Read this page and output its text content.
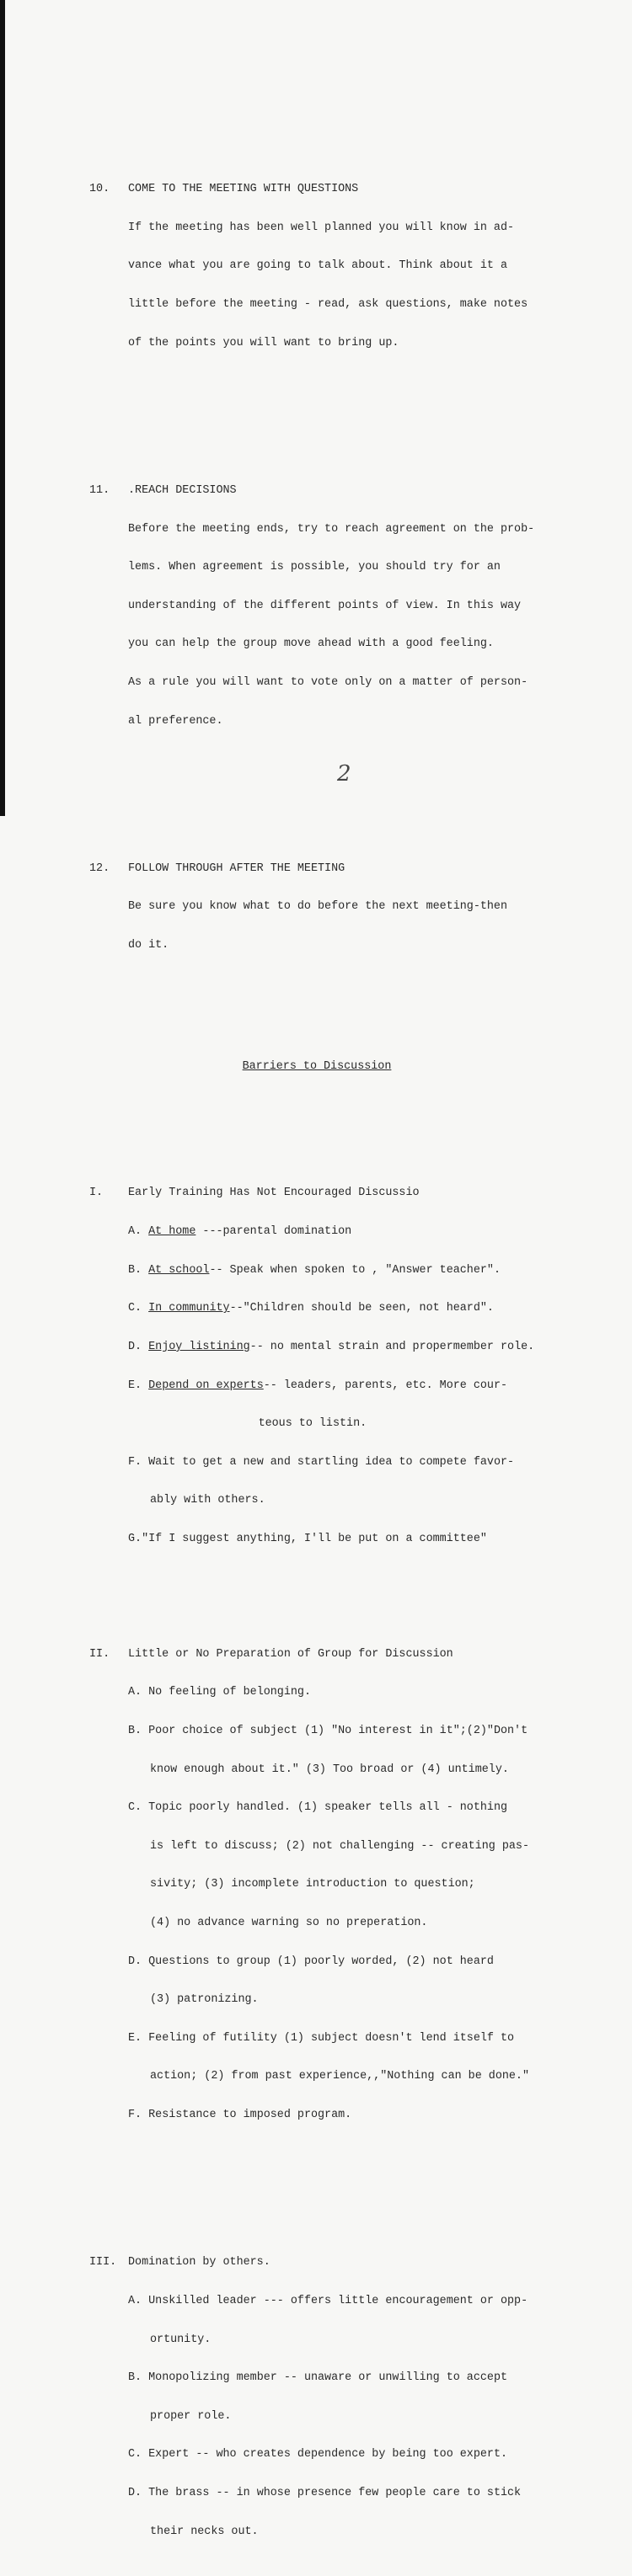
10.	COME TO THE MEETING WITH QUESTIONS

If the meeting has been well planned you will know in ad-

vance what you are going to talk about. Think about it a

little before the meeting - read, ask questions, make notes

of the points you will want to bring up.

11.	.REACH DECISIONS

Before the meeting ends, try to reach agreement on the prob-

lems. When agreement is possible, you should try for an

understanding of the different points of view. In this way

you can help the group move ahead with a good feeling.

As a rule you will want to vote only on a matter of person-

al preference.

12.	FOLLOW THROUGH AFTER THE MEETING

Be sure you know what to do before the next meeting-then

do it.

Barriers to Discussion

I.	Early Training Has Not Encouraged Discussio

A.
At home ---parental domination

B.
At school -- Speak when spoken to , "Answer teacher".

C.
In community --"Children should be seen, not heard".

D.
Enjoy listining -- no mental strain and propermember role.

E.
Depend on experts -- leaders, parents, etc. More cour-

teous to listin.

F.
Wait to get a new and startling idea to compete favor-

ably with others.

G. "If I suggest anything, I'll be put on a committee"

II.	Little or No Preparation of Group for Discussion

A.
No feeling of belonging.

B.
Poor choice of subject (1) "No interest in it";(2)"Don't

know enough about it." (3) Too broad or (4) untimely.

C.
Topic poorly handled. (1) speaker tells all - nothing

is left to discuss; (2) not challenging -- creating pas-

sivity; (3) incomplete introduction to question;

(4) no advance warning so no preperation.

D.
Questions to group (1) poorly worded, (2) not heard

(3) patronizing.

E.
Feeling of futility (1) subject doesn't lend itself to

action; (2) from past experience,,"Nothing can be done."

F.
Resistance to imposed program.

III.	Domination by others.

A.
Unskilled leader --- offers little encouragement or opp-

ortunity.

B.
Monopolizing member -- unaware or unwilling to accept

proper role.

C.
Expert -- who creates dependence by being too expert.

D.
The brass -- in whose presence few people care to stick

their necks out.

2
